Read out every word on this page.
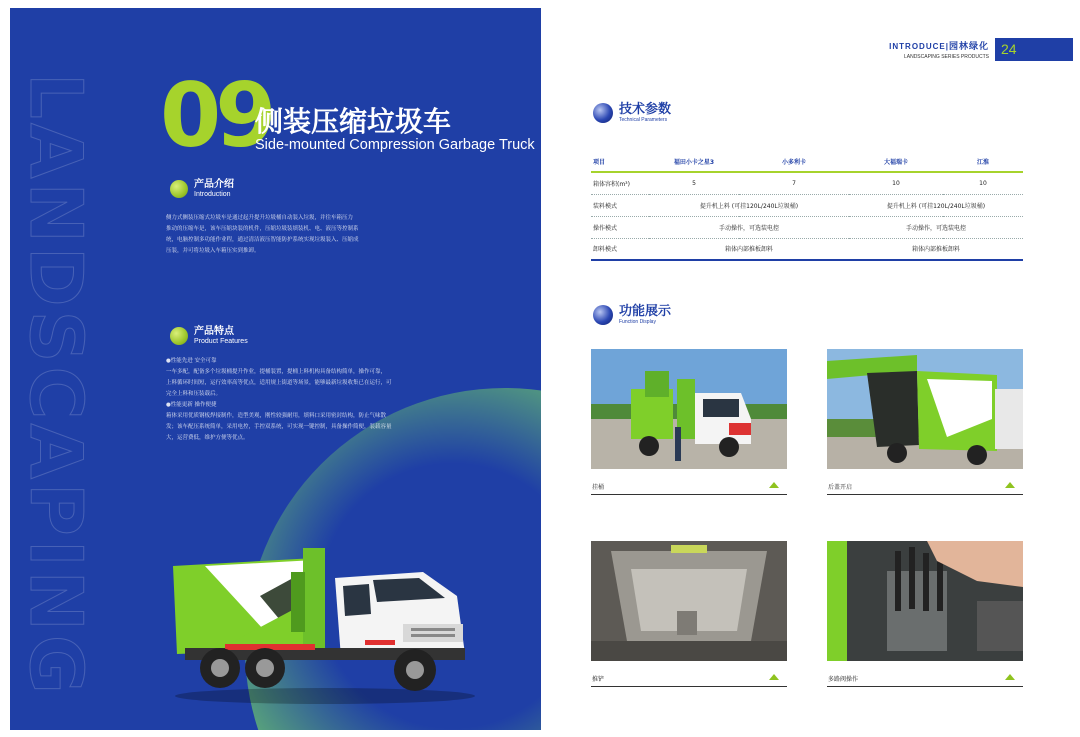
LANDSCAPING 09
侧装压缩垃圾车
Side-mounted Compression Garbage Truck
产品介绍
Introduction
侧力式侧装压缩式垃圾车是通过起升提升垃圾桶自动装入垃圾，并往车箱压力
推动的压缩车是，该车压缩块装的机件，压缩垃圾装填装机、电、液压等控制系
统，电脑控制多功能作业程，通过清洁液压智能防护系统实现垃圾装入、压缩成
压装，并可将垃圾入车箱压实到推卸。
产品特点
Product Features
●性能先进 安全可靠
一车多配，配备多个垃圾桶提升作业，提桶装置，提桶上料机构具备结构简单，操作可靠，
上料循环时间短，运行效率高等优点，适用规上街道等场景，能够最新垃圾收集已在运行，可
完全上料和压装载后。
●性能更新 操作便捷
箱体采用优质钢板焊接制作，造型美观，刚性较强耐用，填料口采用密封结构，防止气味散
发；该车配压系统简单，采用电控，手控双系统，可实现一键控制，具备操作简便，装载容量
大，运营费低，维护方便等优点。
INTRODUCE|园林绿化
LANDSCAPING SERIES PRODUCTS 24
技术参数
Technical Parameters
项目	福田小卡之星3	小多利卡	大福瑞卡	江淮
箱体容积(m³)	5	7	10	10
装料模式	提升机上料 (可挂120L/240L垃圾桶)		提升机上料 (可挂120L/240L垃圾桶)	
操作模式	手动操作，可选装电控		手动操作，可选装电控	
卸料模式	箱体内部推板卸料		箱体内部推板卸料	
功能展示
Function Display
挂桶	后盖开启
推铲	多路阀操作
